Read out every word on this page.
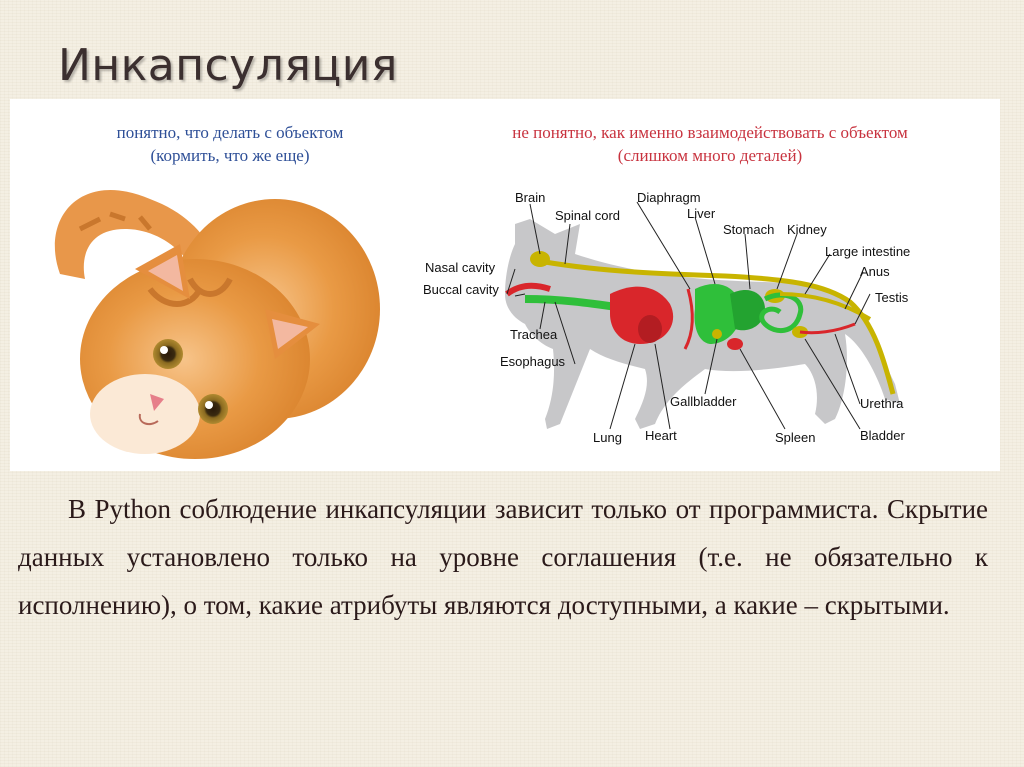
Инкапсуляция
понятно, что делать с объектом
(кормить, что же еще)
не понятно, как именно взаимодействовать с объектом
(слишком много деталей)
Brain
Spinal cord
Diaphragm
Liver
Stomach Kidney
Large intestine
Anus
Testis
Nasal cavity
Buccal cavity
Trachea
Esophagus
Gallbladder	Urethra
Lung Heart	Spleen	Bladder
В Python соблюдение инкапсуляции зависит только от программиста. Скрытие данных установлено только на уровне соглашения (т.е. не обязательно к исполнению), о том, какие атрибуты являются доступными, а какие – скрытыми.
